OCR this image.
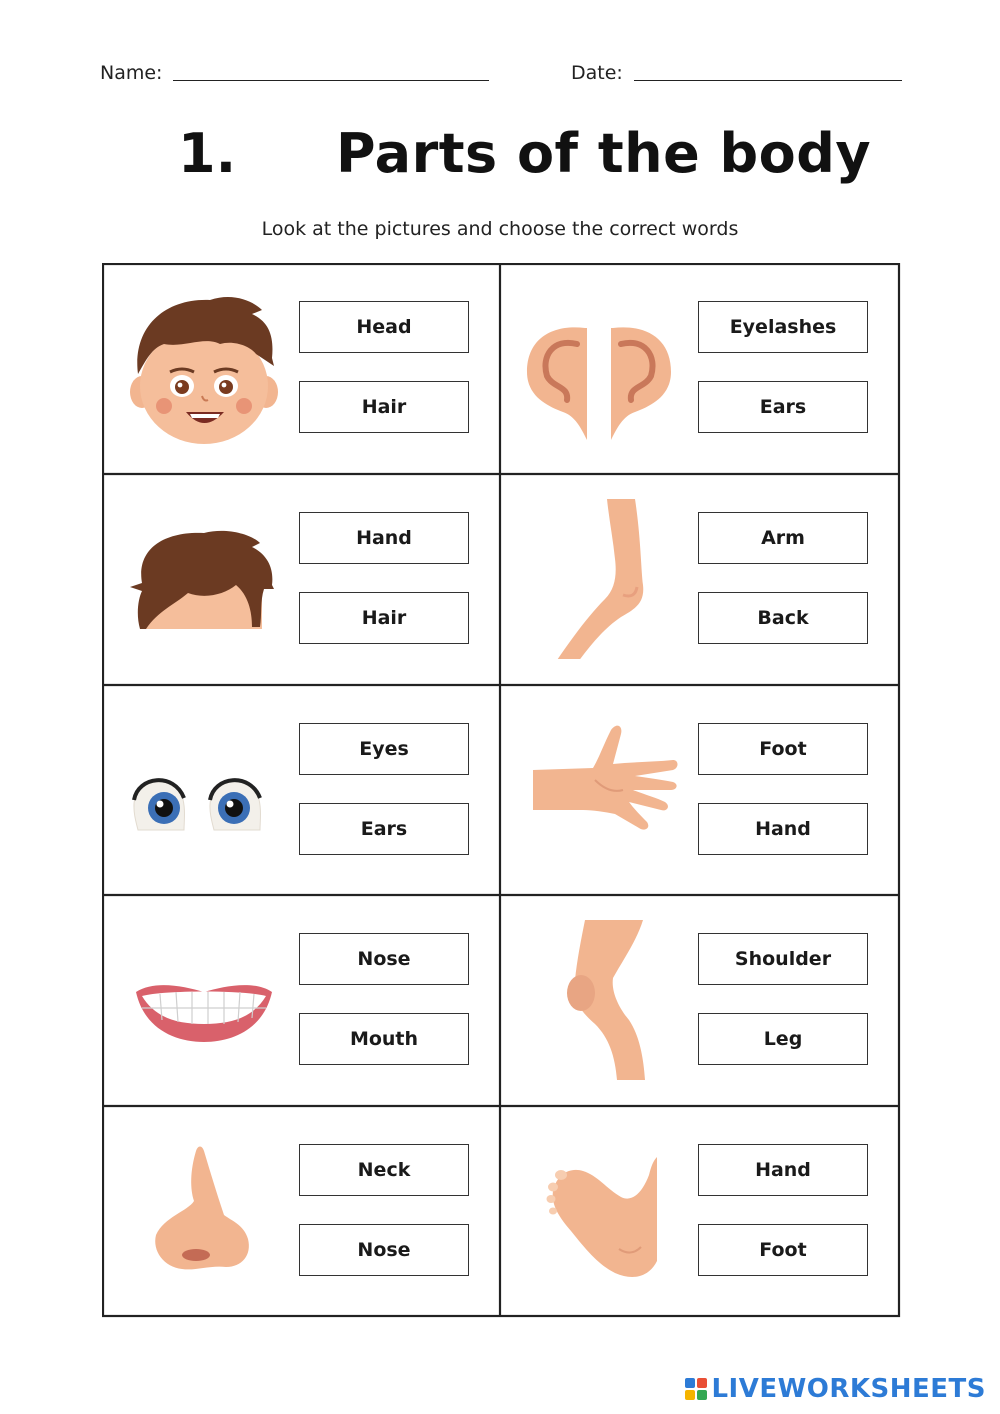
Name:	Date:
1. Parts of the body
Look at the pictures and choose the correct words
Head
Hair
Eyelashes
Ears
Hand
Hair
Arm
Back
Eyes
Ears
Foot
Hand
Nose
Mouth
Shoulder
Leg
Neck
Nose
Hand
Foot
LIVEWORKSHEETS
